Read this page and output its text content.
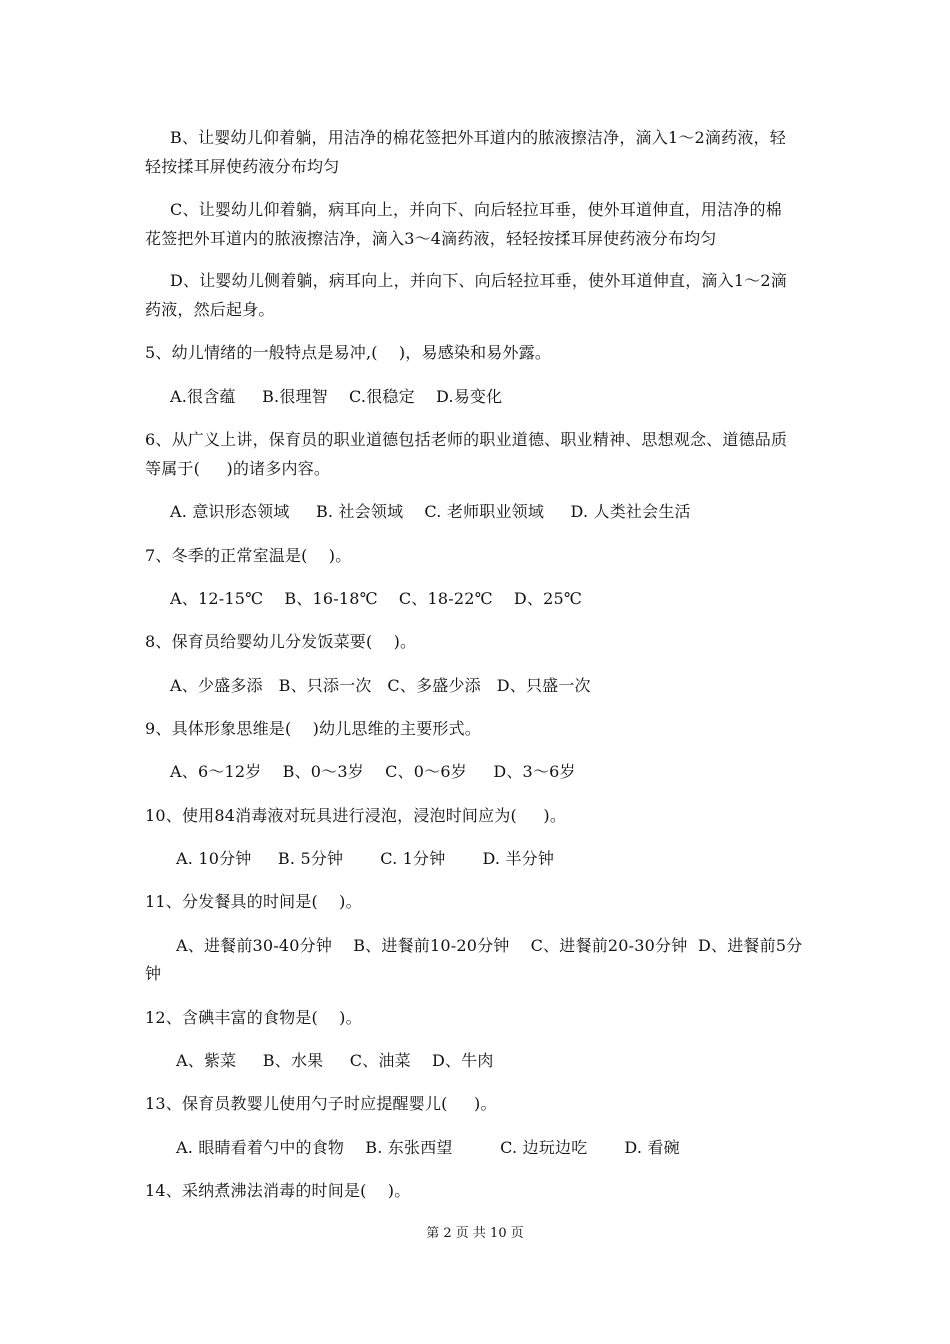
B、让婴幼儿仰着躺，用洁净的棉花签把外耳道内的脓液擦洁净，滴入1～2滴药液，轻
轻按揉耳屏使药液分布均匀
C、让婴幼儿仰着躺，病耳向上，并向下、向后轻拉耳垂，使外耳道伸直，用洁净的棉
花签把外耳道内的脓液擦洁净，滴入3～4滴药液，轻轻按揉耳屏使药液分布均匀
D、让婴幼儿侧着躺，病耳向上，并向下、向后轻拉耳垂，使外耳道伸直，滴入1～2滴
药液，然后起身。
5、幼儿情绪的一般特点是易冲,(    )，易感染和易外露。
A.很含蕴     B.很理智    C.很稳定    D.易变化
6、从广义上讲，保育员的职业道德包括老师的职业道德、职业精神、思想观念、道德品质
等属于(     )的诸多内容。
A. 意识形态领域     B. 社会领域    C. 老师职业领域     D. 人类社会生活
7、冬季的正常室温是(    )。
A、12-15℃    B、16-18℃    C、18-22℃    D、25℃
8、保育员给婴幼儿分发饭菜要(    )。
A、少盛多添   B、只添一次   C、多盛少添   D、只盛一次
9、具体形象思维是(    )幼儿思维的主要形式。
A、6～12岁    B、0～3岁    C、0～6岁     D、3～6岁
10、使用84消毒液对玩具进行浸泡，浸泡时间应为(     )。
A. 10分钟     B. 5分钟       C. 1分钟       D. 半分钟
11、分发餐具的时间是(    )。
A、进餐前30-40分钟    B、进餐前10-20分钟    C、进餐前20-30分钟  D、进餐前5分
钟
12、含碘丰富的食物是(    )。
A、紫菜     B、水果     C、油菜    D、牛肉
13、保育员教婴儿使用勺子时应提醒婴儿(     )。
A. 眼睛看着勺中的食物    B. 东张西望         C. 边玩边吃       D. 看碗
14、采纳煮沸法消毒的时间是(    )。
第 2 页 共 10 页
